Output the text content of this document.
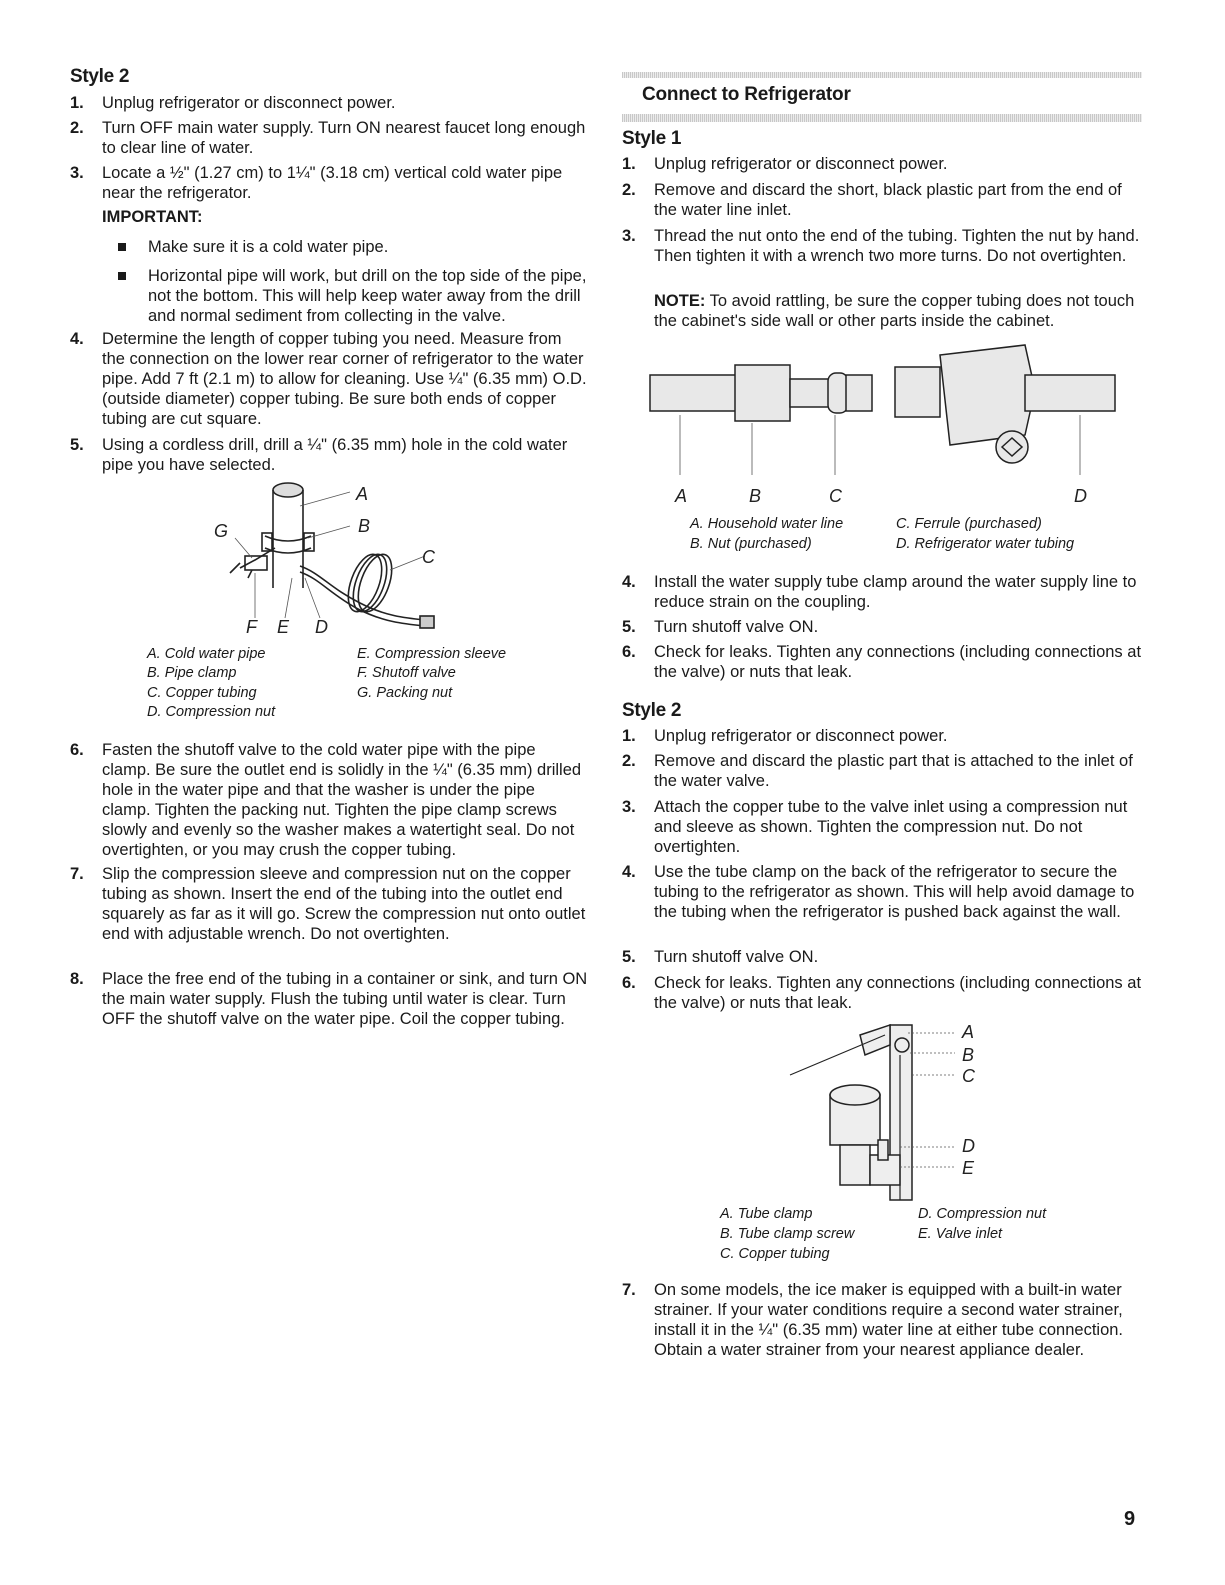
Style 2
1. Unplug refrigerator or disconnect power.
2. Turn OFF main water supply. Turn ON nearest faucet long enough to clear line of water.
3. Locate a ½" (1.27 cm) to 1¼" (3.18 cm) vertical cold water pipe near the refrigerator.
IMPORTANT:
Make sure it is a cold water pipe.
Horizontal pipe will work, but drill on the top side of the pipe, not the bottom. This will help keep water away from the drill and normal sediment from collecting in the valve.
4. Determine the length of copper tubing you need. Measure from the connection on the lower rear corner of refrigerator to the water pipe. Add 7 ft (2.1 m) to allow for cleaning. Use ¼" (6.35 mm) O.D. (outside diameter) copper tubing. Be sure both ends of copper tubing are cut square.
5. Using a cordless drill, drill a ¼" (6.35 mm) hole in the cold water pipe you have selected.
A
B
C
G
F E D
A. Cold water pipe
B. Pipe clamp
C. Copper tubing
D. Compression nut
E. Compression sleeve
F. Shutoff valve
G. Packing nut
6. Fasten the shutoff valve to the cold water pipe with the pipe clamp. Be sure the outlet end is solidly in the ¼" (6.35 mm) drilled hole in the water pipe and that the washer is under the pipe clamp. Tighten the packing nut. Tighten the pipe clamp screws slowly and evenly so the washer makes a watertight seal. Do not overtighten, or you may crush the copper tubing.
7. Slip the compression sleeve and compression nut on the copper tubing as shown. Insert the end of the tubing into the outlet end squarely as far as it will go. Screw the compression nut onto outlet end with adjustable wrench. Do not overtighten.
8. Place the free end of the tubing in a container or sink, and turn ON the main water supply. Flush the tubing until water is clear. Turn OFF the shutoff valve on the water pipe. Coil the copper tubing.
Connect to Refrigerator
Style 1
1. Unplug refrigerator or disconnect power.
2. Remove and discard the short, black plastic part from the end of the water line inlet.
3. Thread the nut onto the end of the tubing. Tighten the nut by hand. Then tighten it with a wrench two more turns. Do not overtighten.
NOTE: To avoid rattling, be sure the copper tubing does not touch the cabinet's side wall or other parts inside the cabinet.
A	B	C	D
A. Household water line
B. Nut (purchased)
C. Ferrule (purchased)
D. Refrigerator water tubing
4. Install the water supply tube clamp around the water supply line to reduce strain on the coupling.
5. Turn shutoff valve ON.
6. Check for leaks. Tighten any connections (including connections at the valve) or nuts that leak.
Style 2
1. Unplug refrigerator or disconnect power.
2. Remove and discard the plastic part that is attached to the inlet of the water valve.
3. Attach the copper tube to the valve inlet using a compression nut and sleeve as shown. Tighten the compression nut. Do not overtighten.
4. Use the tube clamp on the back of the refrigerator to secure the tubing to the refrigerator as shown. This will help avoid damage to the tubing when the refrigerator is pushed back against the wall.
5. Turn shutoff valve ON.
6. Check for leaks. Tighten any connections (including connections at the valve) or nuts that leak.
A
B
C
D
E
A. Tube clamp
B. Tube clamp screw
C. Copper tubing
D. Compression nut
E. Valve inlet
7. On some models, the ice maker is equipped with a built-in water strainer. If your water conditions require a second water strainer, install it in the ¼" (6.35 mm) water line at either tube connection. Obtain a water strainer from your nearest appliance dealer.
9
